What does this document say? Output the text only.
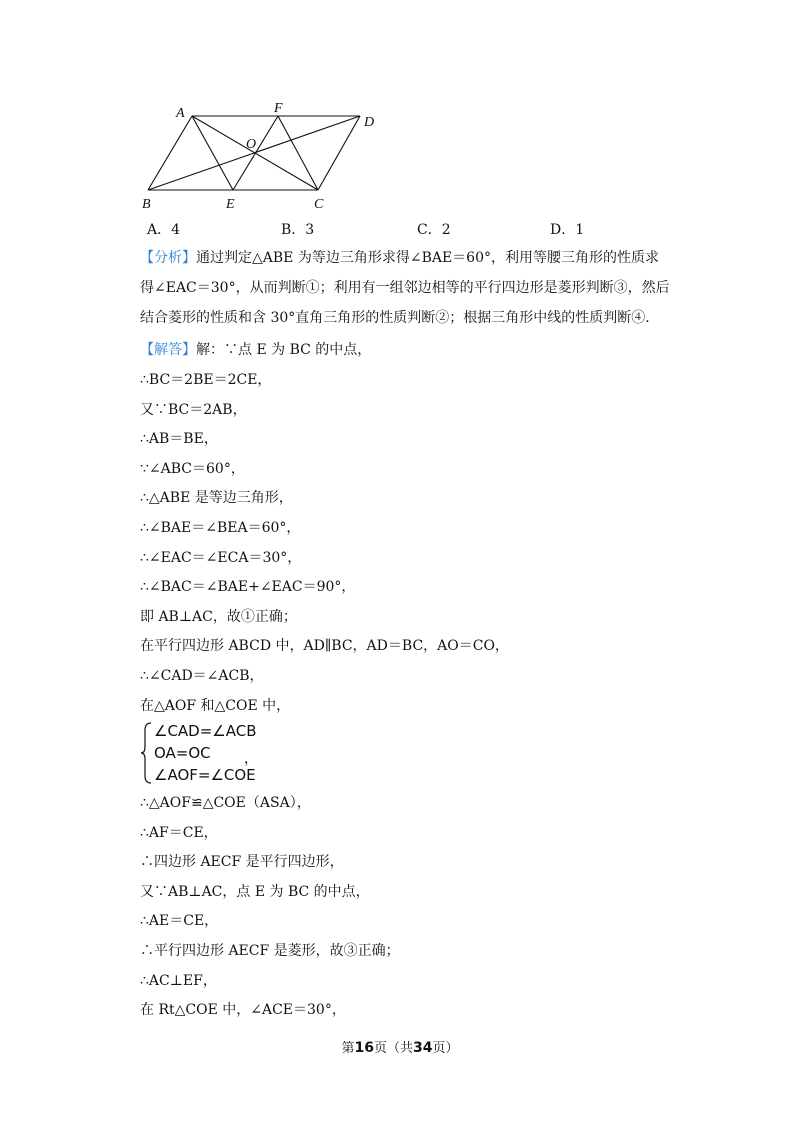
A	F
D
O
B	E	C
A．4	B．3	C．2	D．1
【分析】通过判定△ABE 为等边三角形求得∠BAE＝60°，利用等腰三角形的性质求得∠EAC＝30°，从而判断①；利用有一组邻边相等的平行四边形是菱形判断③，然后结合菱形的性质和含 30°直角三角形的性质判断②；根据三角形中线的性质判断④.
【解答】解：∵点 E 为 BC 的中点，
∴BC＝2BE＝2CE，
又∵BC＝2AB，
∴AB＝BE，
∵∠ABC＝60°，
∴△ABE 是等边三角形，
∴∠BAE＝∠BEA＝60°，
∴∠EAC＝∠ECA＝30°，
∴∠BAC＝∠BAE+∠EAC＝90°，
即 AB⊥AC，故①正确；
在平行四边形 ABCD 中，AD∥BC，AD＝BC，AO＝CO，
∴∠CAD＝∠ACB，
在△AOF 和△COE 中，
∠CAD=∠ACB
OA=OC
∠AOF=∠COE
，
∴△AOF≌△COE（ASA），
∴AF＝CE，
∴四边形 AECF 是平行四边形，
又∵AB⊥AC，点 E 为 BC 的中点，
∴AE＝CE，
∴平行四边形 AECF 是菱形，故③正确；
∴AC⊥EF，
在 Rt△COE 中，∠ACE＝30°，
第16页（共34页）
